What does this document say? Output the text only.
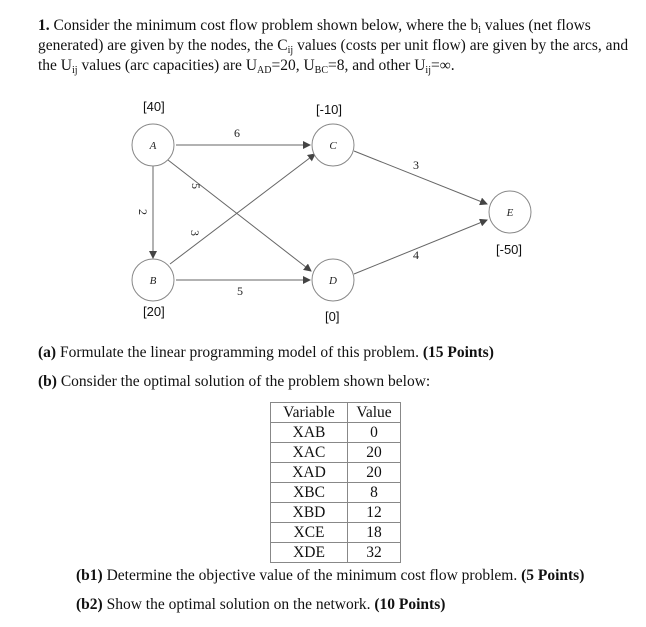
1. Consider the minimum cost flow problem shown below, where the $b_i$ values (net flows generated) are given by the nodes, the $C_{ij}$ values (costs per unit flow) are given by the arcs, and the $U_{ij}$ values (arc capacities) are $U_{AD}=20$, $U_{BC}=8$, and other $U_{ij}=\infty$.
A
B
C
D
E
2
6
3
5
5
3
4
[40]
[20]
[-10]
[0]
[-50]
(a) Formulate the linear programming model of this problem. (15 Points)
(b) Consider the optimal solution of the problem shown below:
Variable	Value
XAB	0
XAC	20
XAD	20
XBC	8
XBD	12
XCE	18
XDE	32
(b1) Determine the objective value of the minimum cost flow problem. (5 Points)
(b2) Show the optimal solution on the network. (10 Points)
